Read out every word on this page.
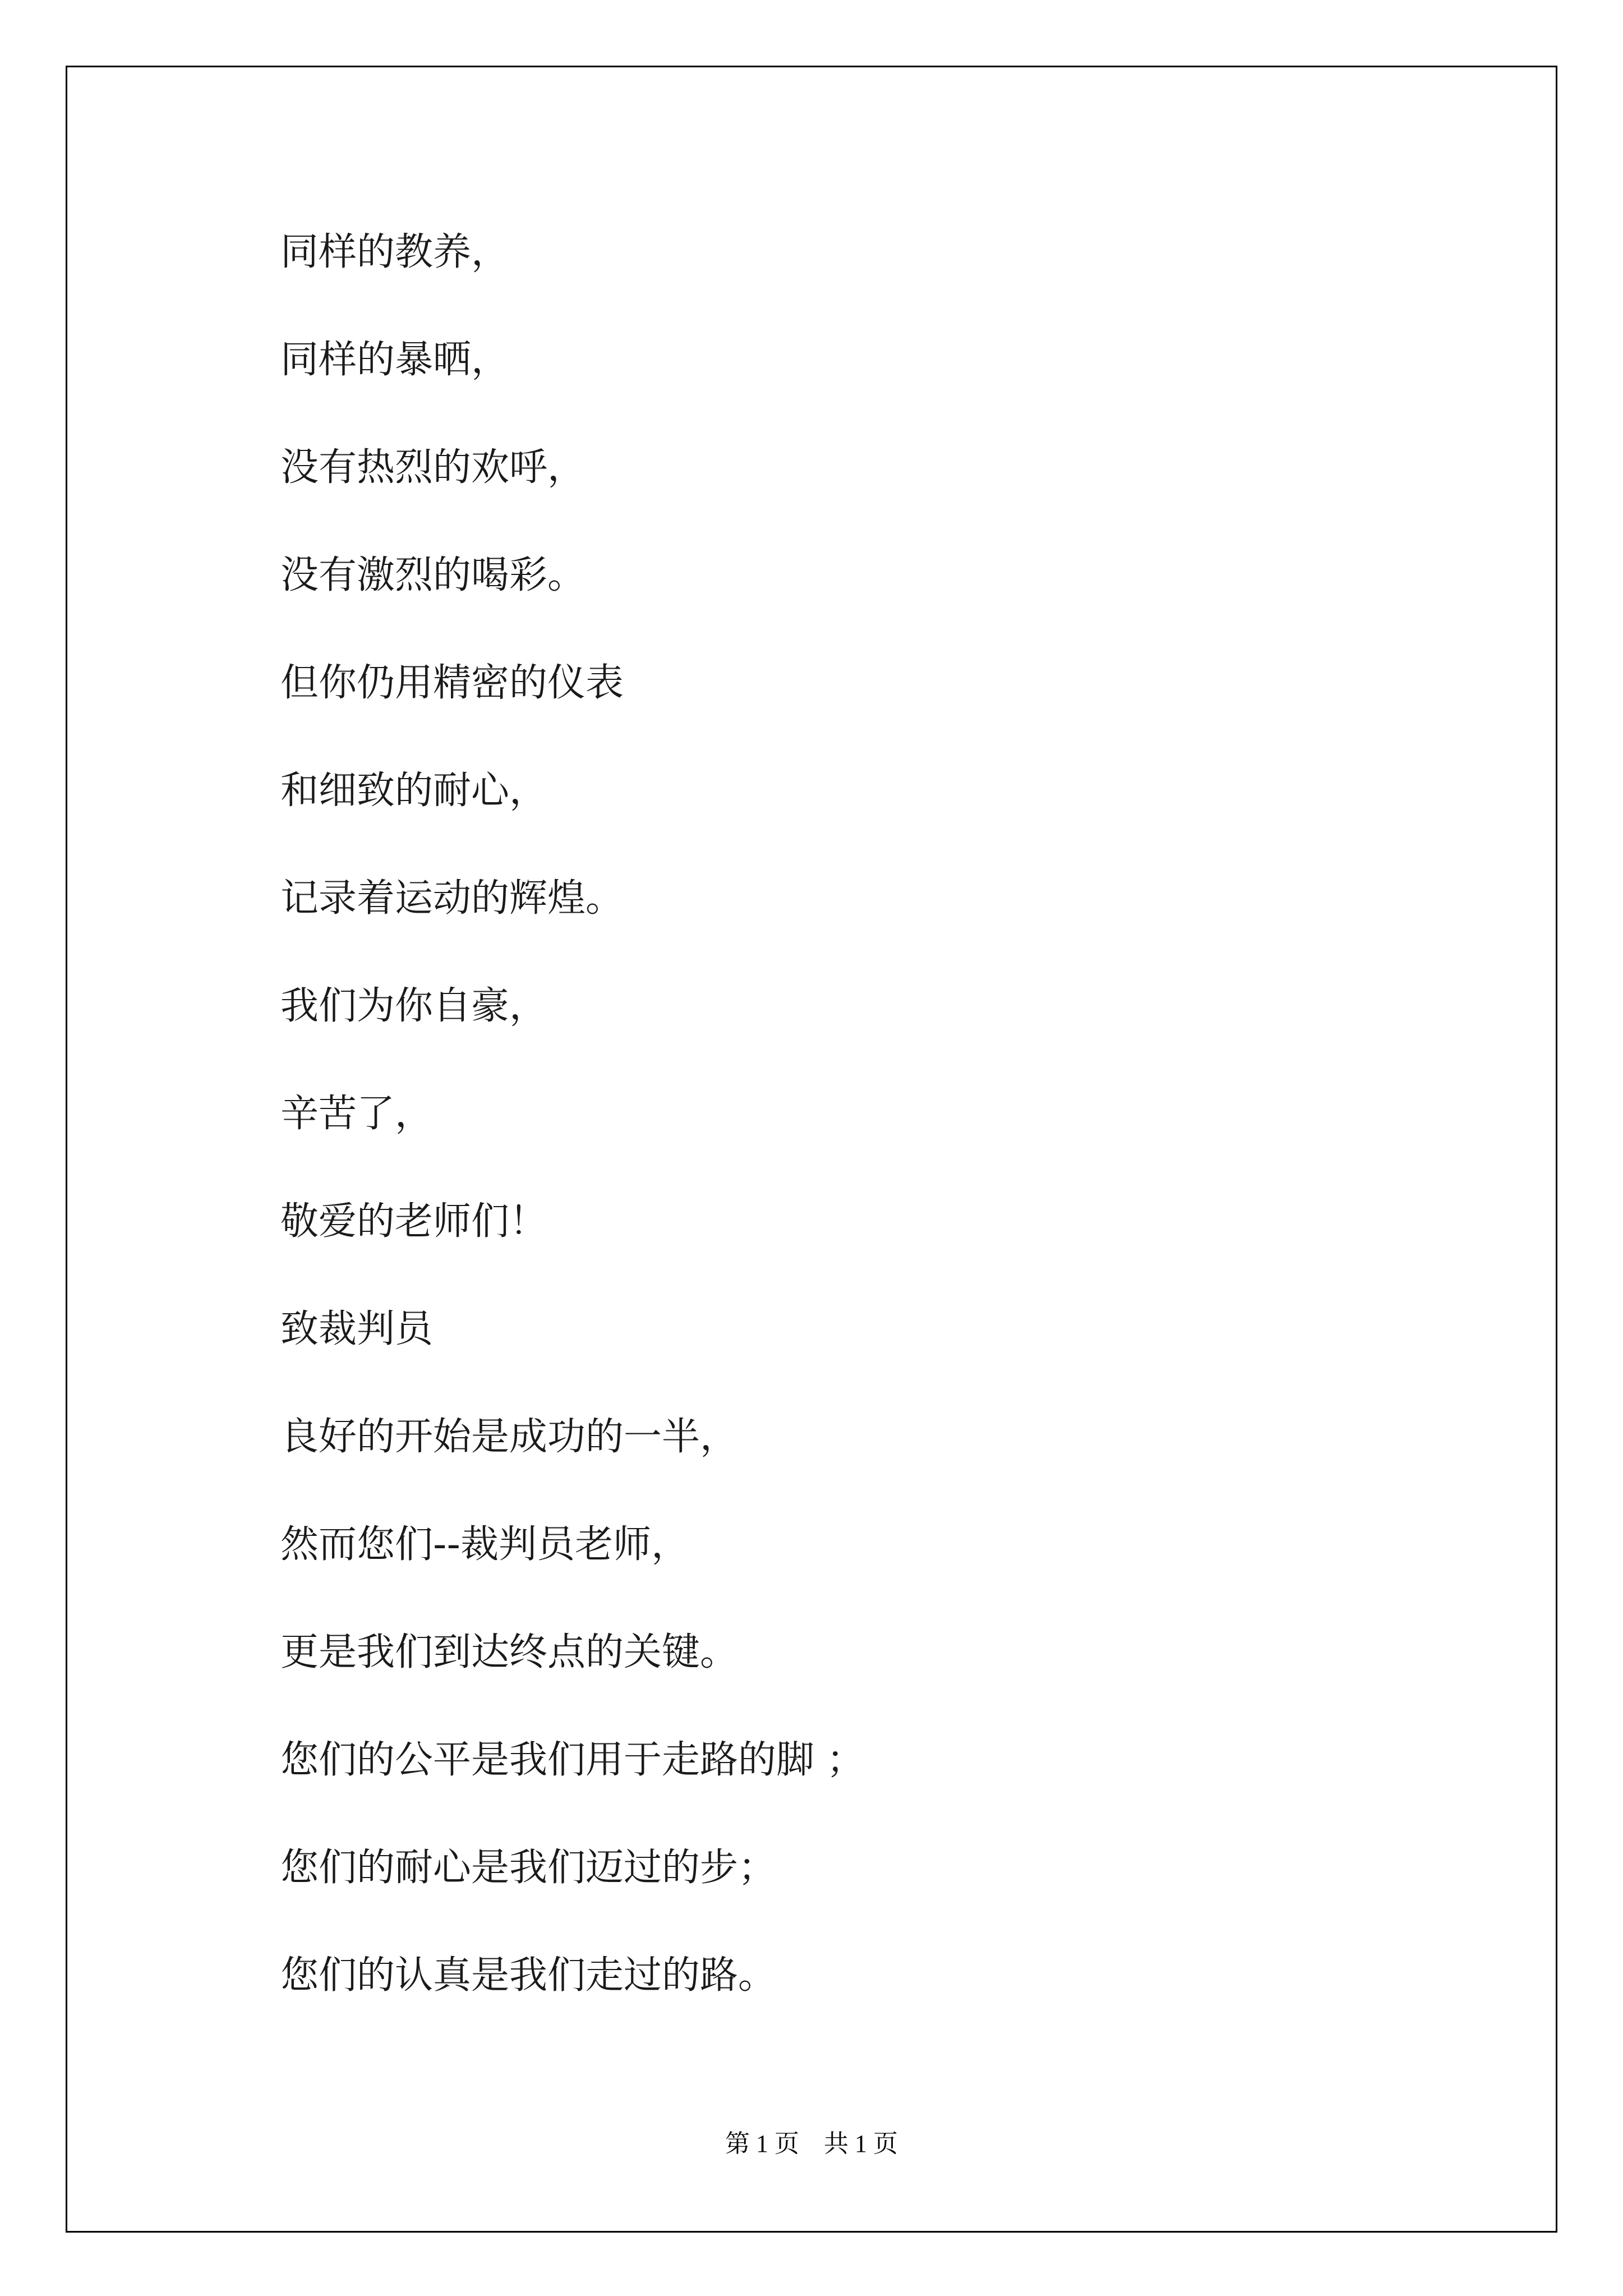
同样的教养，
同样的暴晒，
没有热烈的欢呼，
没有激烈的喝彩。
但你仍用精密的仪表
和细致的耐心，
记录着运动的辉煌。
我们为你自豪，
辛苦了，
敬爱的老师们！
致裁判员
良好的开始是成功的一半，
然而您们--裁判员老师，
更是我们到达终点的关键。
您们的公平是我们用于走路的脚 ；
您们的耐心是我们迈过的步；
您们的认真是我们走过的路。
第 1 页    共 1 页
